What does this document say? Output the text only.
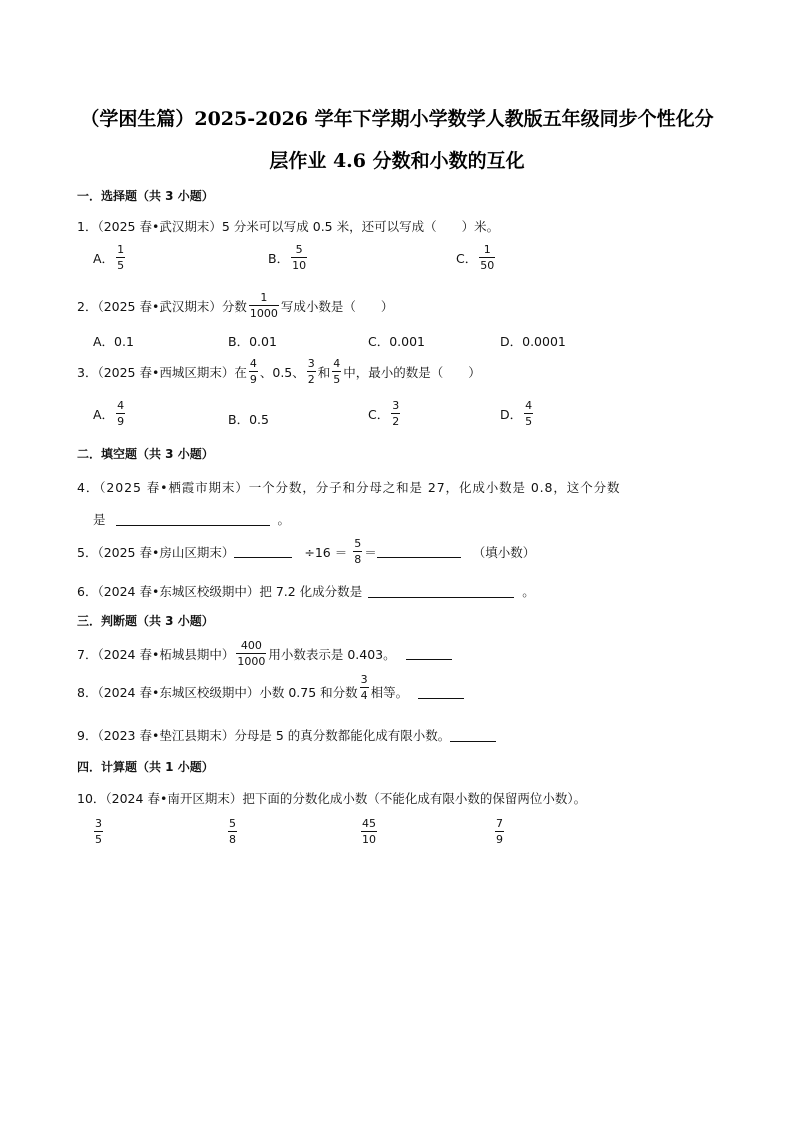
（学困生篇）2025-2026 学年下学期小学数学人教版五年级同步个性化分
层作业 4.6 分数和小数的互化
一．选择题（共 3 小题）
1．（2025 春•武汉期末）5 分米可以写成 0.5 米，还可以写成（　　）米。
A． $\frac{1}{5}$	B． $\frac{5}{10}$	C． $\frac{1}{50}$
2．（2025 春•武汉期末）分数 $\frac{1}{1000}$ 写成小数是（　　）
A．0.1	B．0.01	C．0.001	D．0.0001
3．（2025 春•西城区期末）在 $\frac{4}{9}$ 、0.5、 $\frac{3}{2}$ 和 $\frac{4}{5}$ 中，最小的数是（　　）
A． $\frac{4}{9}$	B．0.5	C． $\frac{3}{2}$	D． $\frac{4}{5}$
二．填空题（共 3 小题）
4．（2025 春•栖霞市期末）一个分数，分子和分母之和是 27，化成小数是 0.8，这个分数
是	。
5．（2025 春•房山区期末）	$\div 16 = \frac{5}{8}$ ＝	（填小数）
6．（2024 春•东城区校级期中）把 7.2 化成分数是	。
三．判断题（共 3 小题）
7．（2024 春•柘城县期中） $\frac{400}{1000}$ 用小数表示是 0.403。
8．（2024 春•东城区校级期中）小数 0.75 和分数 $\frac{3}{4}$ 相等。
9．（2023 春•垫江县期末）分母是 5 的真分数都能化成有限小数。
四．计算题（共 1 小题）
10．（2024 春•南开区期末）把下面的分数化成小数（不能化成有限小数的保留两位小数）。
$\frac{3}{5}$	$\frac{5}{8}$	$\frac{45}{10}$	$\frac{7}{9}$
